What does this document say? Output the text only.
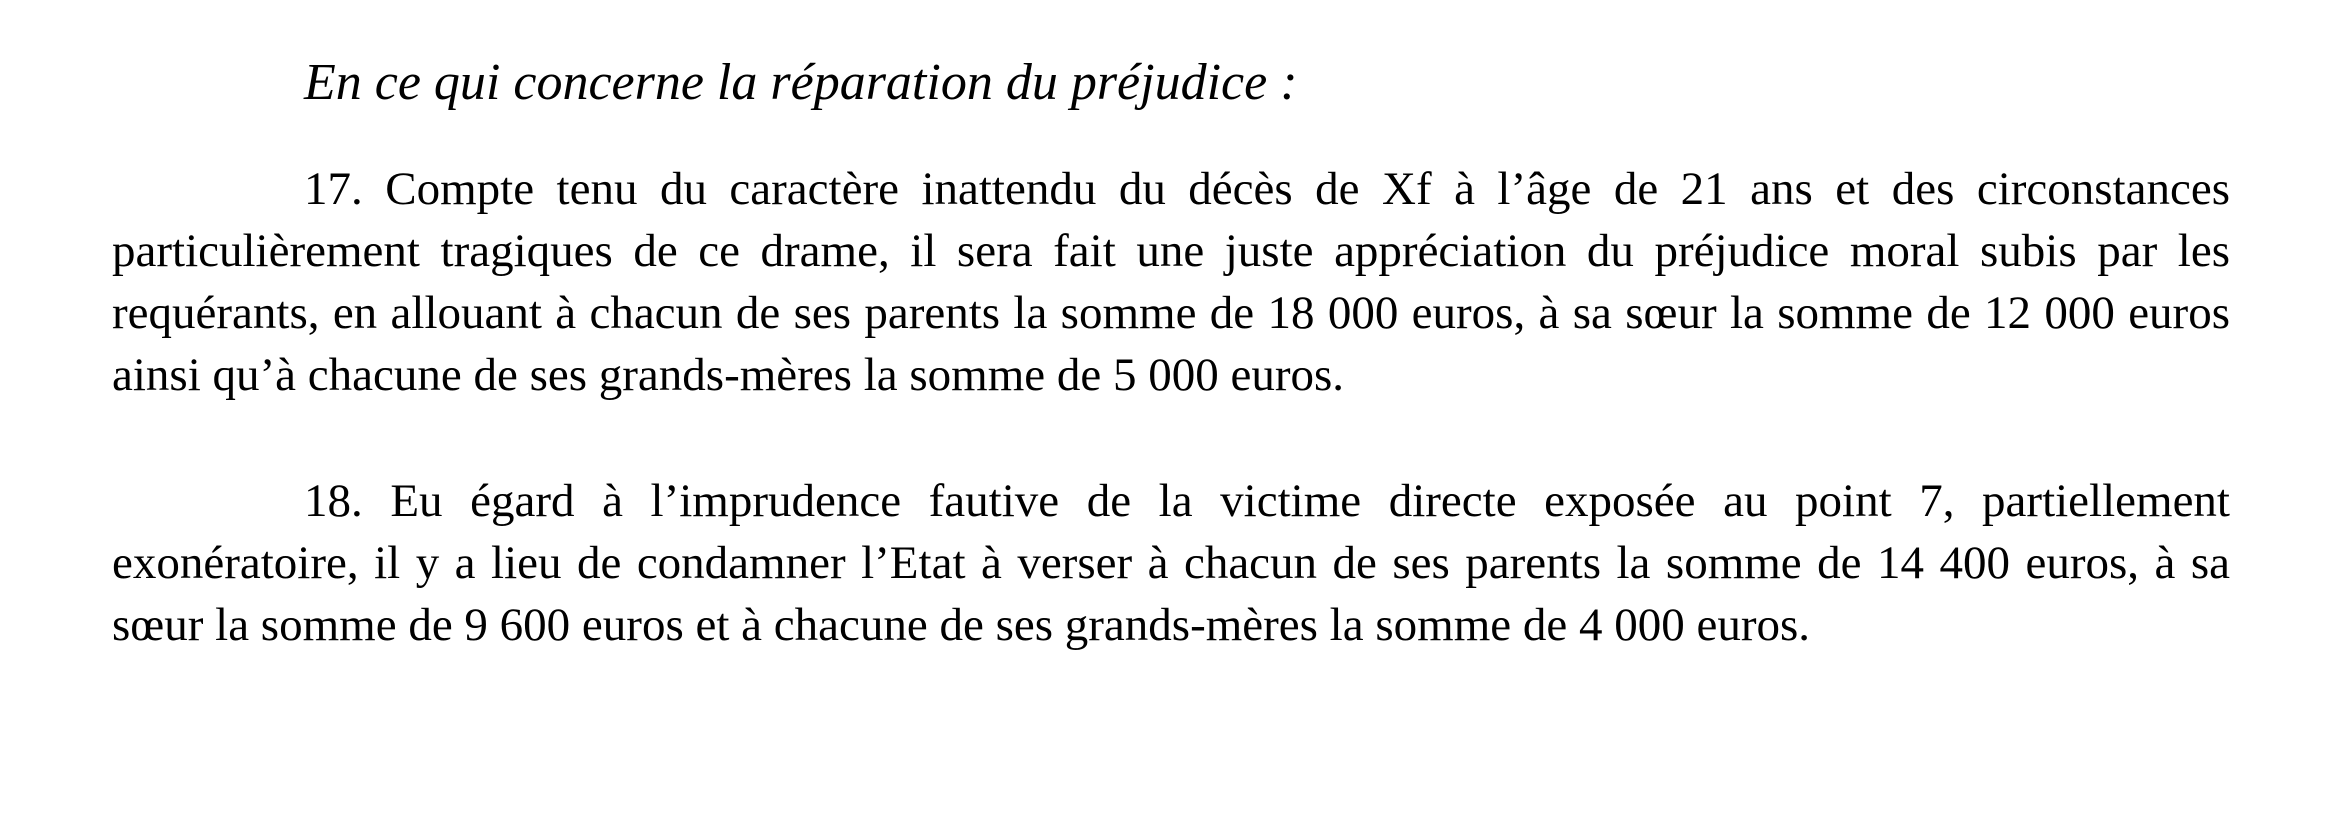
En ce qui concerne la réparation du préjudice :

17. Compte tenu du caractère inattendu du décès de Xf à l’âge de 21 ans et des circonstances particulièrement tragiques de ce drame, il sera fait une juste appréciation du préjudice moral subis par les requérants, en allouant à chacun de ses parents la somme de 18 000 euros, à sa sœur la somme de 12 000 euros ainsi qu’à chacune de ses grands-mères la somme de 5 000 euros.

18. Eu égard à l’imprudence fautive de la victime directe exposée au point 7, partiellement exonératoire, il y a lieu de condamner l’Etat à verser à chacun de ses parents la somme de 14 400 euros, à sa sœur la somme de 9 600 euros et à chacune de ses grands-mères la somme de 4 000 euros.
